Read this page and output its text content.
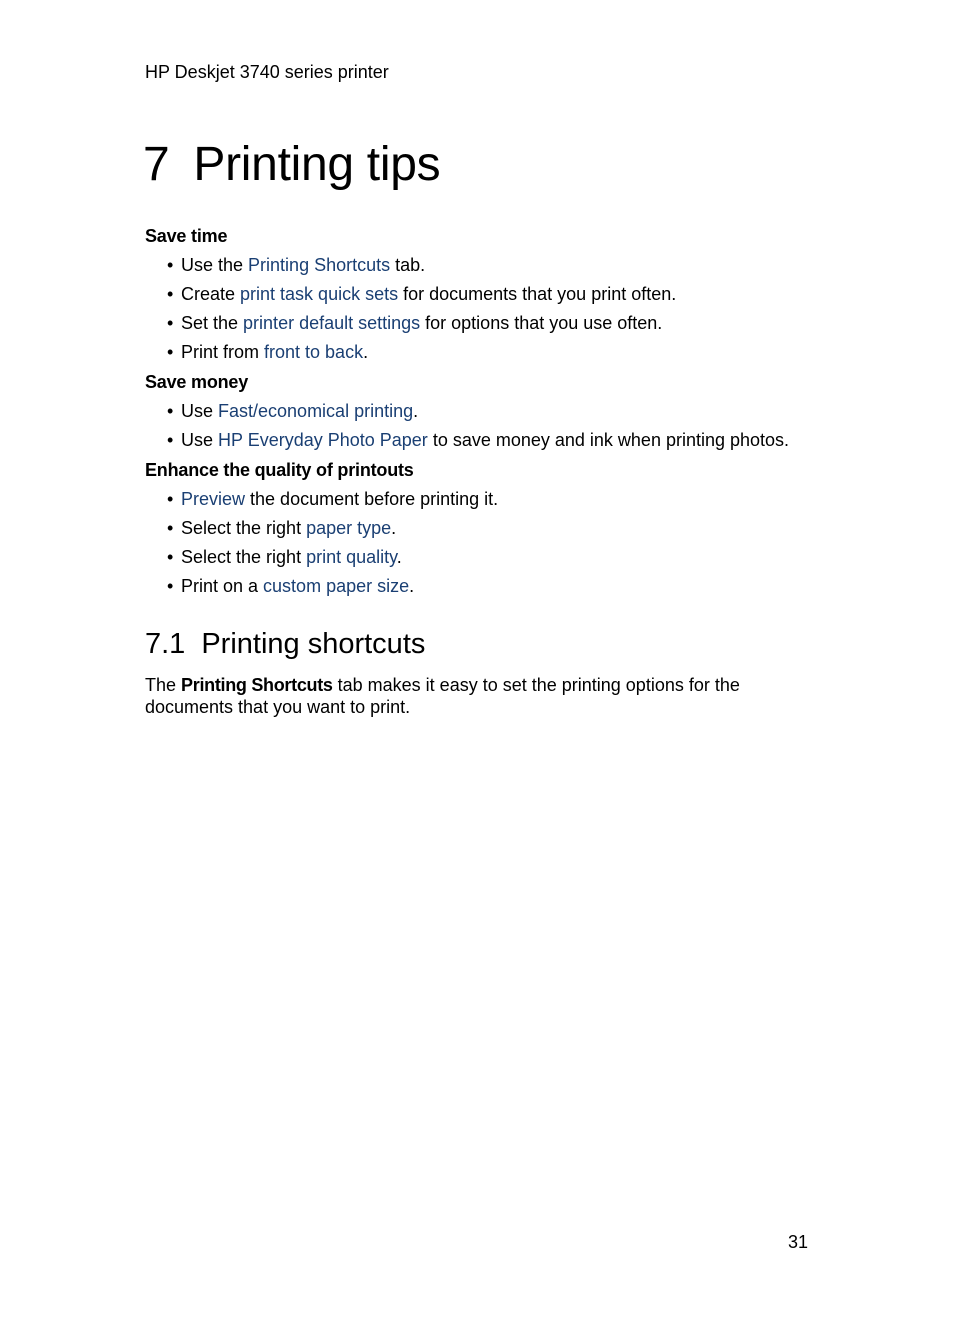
HP Deskjet 3740 series printer
7 Printing tips

Save time

• Use the Printing Shortcuts tab.
• Create print task quick sets for documents that you print often.
• Set the printer default settings for options that you use often.
• Print from front to back.

Save money

• Use Fast/economical printing.
• Use HP Everyday Photo Paper to save money and ink when printing photos.

Enhance the quality of printouts

• Preview the document before printing it.
• Select the right paper type.
• Select the right print quality.
• Print on a custom paper size.
7.1 Printing shortcuts

The Printing Shortcuts tab makes it easy to set the printing options for the documents that you want to print.

31
